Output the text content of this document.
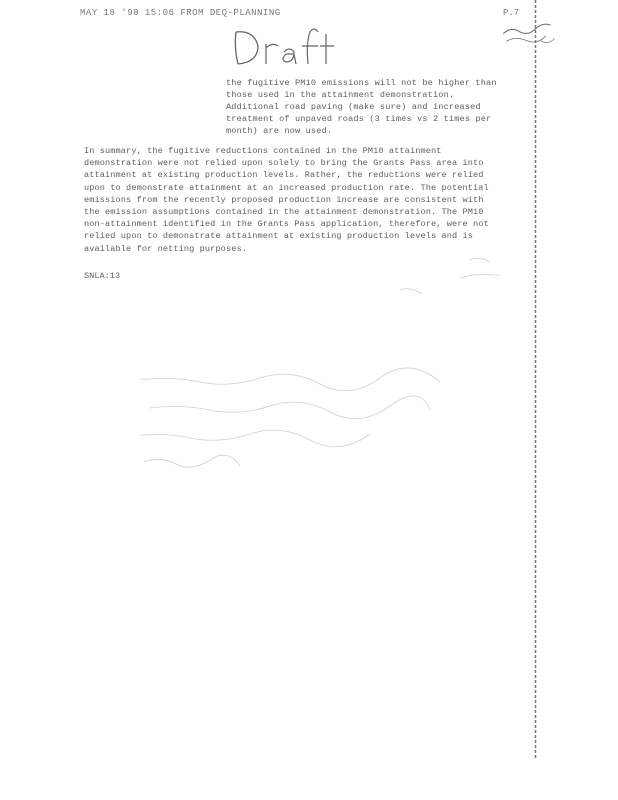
MAY 18 '98 15:06 FROM DEQ-PLANNING	P.7
the fugitive PM10 emissions will not be higher than
those used in the attainment demonstration.
Additional road paving (make sure) and increased
treatment of unpaved roads (3 times vs 2 times per
month) are now used.
In summary, the fugitive reductions contained in the PM10 attainment
demonstration were not relied upon solely to bring the Grants Pass area into
attainment at existing production levels. Rather, the reductions were relied
upon to demonstrate attainment at an increased production rate. The potential
emissions from the recently proposed production increase are consistent with
the emission assumptions contained in the attainment demonstration. The PM10
non-attainment identified in the Grants Pass application, therefore, were not
relied upon to demonstrate attainment at existing production levels and is
available for netting purposes.
SNLA:13
